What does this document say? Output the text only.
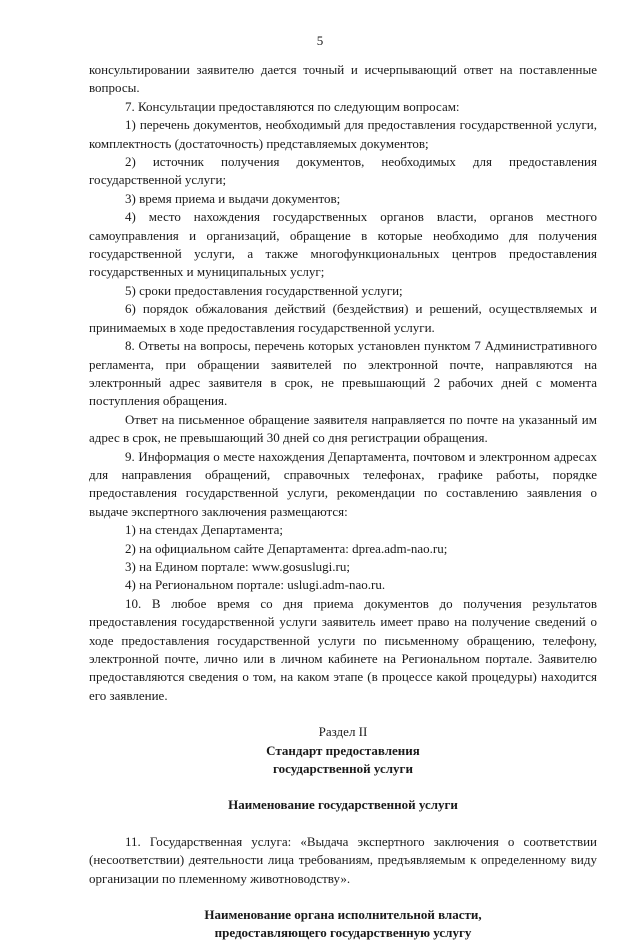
5

консультировании заявителю дается точный и исчерпывающий ответ на поставленные вопросы.

7. Консультации предоставляются по следующим вопросам:

1) перечень документов, необходимый для предоставления государственной услуги, комплектность (достаточность) представляемых документов;

2) источник получения документов, необходимых для предоставления государственной услуги;

3) время приема и выдачи документов;

4) место нахождения государственных органов власти, органов местного самоуправления и организаций, обращение в которые необходимо для получения государственной услуги, а также многофункциональных центров предоставления государственных и муниципальных услуг;

5) сроки предоставления государственной услуги;

6) порядок обжалования действий (бездействия) и решений, осуществляемых и принимаемых в ходе предоставления государственной услуги.

8. Ответы на вопросы, перечень которых установлен пунктом 7 Административного регламента, при обращении заявителей по электронной почте, направляются на электронный адрес заявителя в срок, не превышающий 2 рабочих дней с момента поступления обращения.

Ответ на письменное обращение заявителя направляется по почте на указанный им адрес в срок, не превышающий 30 дней со дня регистрации обращения.

9. Информация о месте нахождения Департамента, почтовом и электронном адресах для направления обращений, справочных телефонах, графике работы, порядке предоставления государственной услуги, рекомендации по составлению заявления о выдаче экспертного заключения размещаются:

1) на стендах Департамента;

2) на официальном сайте Департамента: dprea.adm-nao.ru;

3) на Едином портале: www.gosuslugi.ru;

4) на Региональном портале: uslugi.adm-nao.ru.

10. В любое время со дня приема документов до получения результатов предоставления государственной услуги заявитель имеет право на получение сведений о ходе предоставления государственной услуги по письменному обращению, телефону, электронной почте, лично или в личном кабинете на Региональном портале. Заявителю предоставляются сведения о том, на каком этапе (в процессе какой процедуры) находится его заявление.

Раздел II

Стандарт предоставления

государственной услуги

Наименование государственной услуги

11. Государственная услуга: «Выдача экспертного заключения о соответствии (несоответствии) деятельности лица требованиям, предъявляемым к определенному виду организации по племенному животноводству».

Наименование органа исполнительной власти,

предоставляющего государственную услугу
